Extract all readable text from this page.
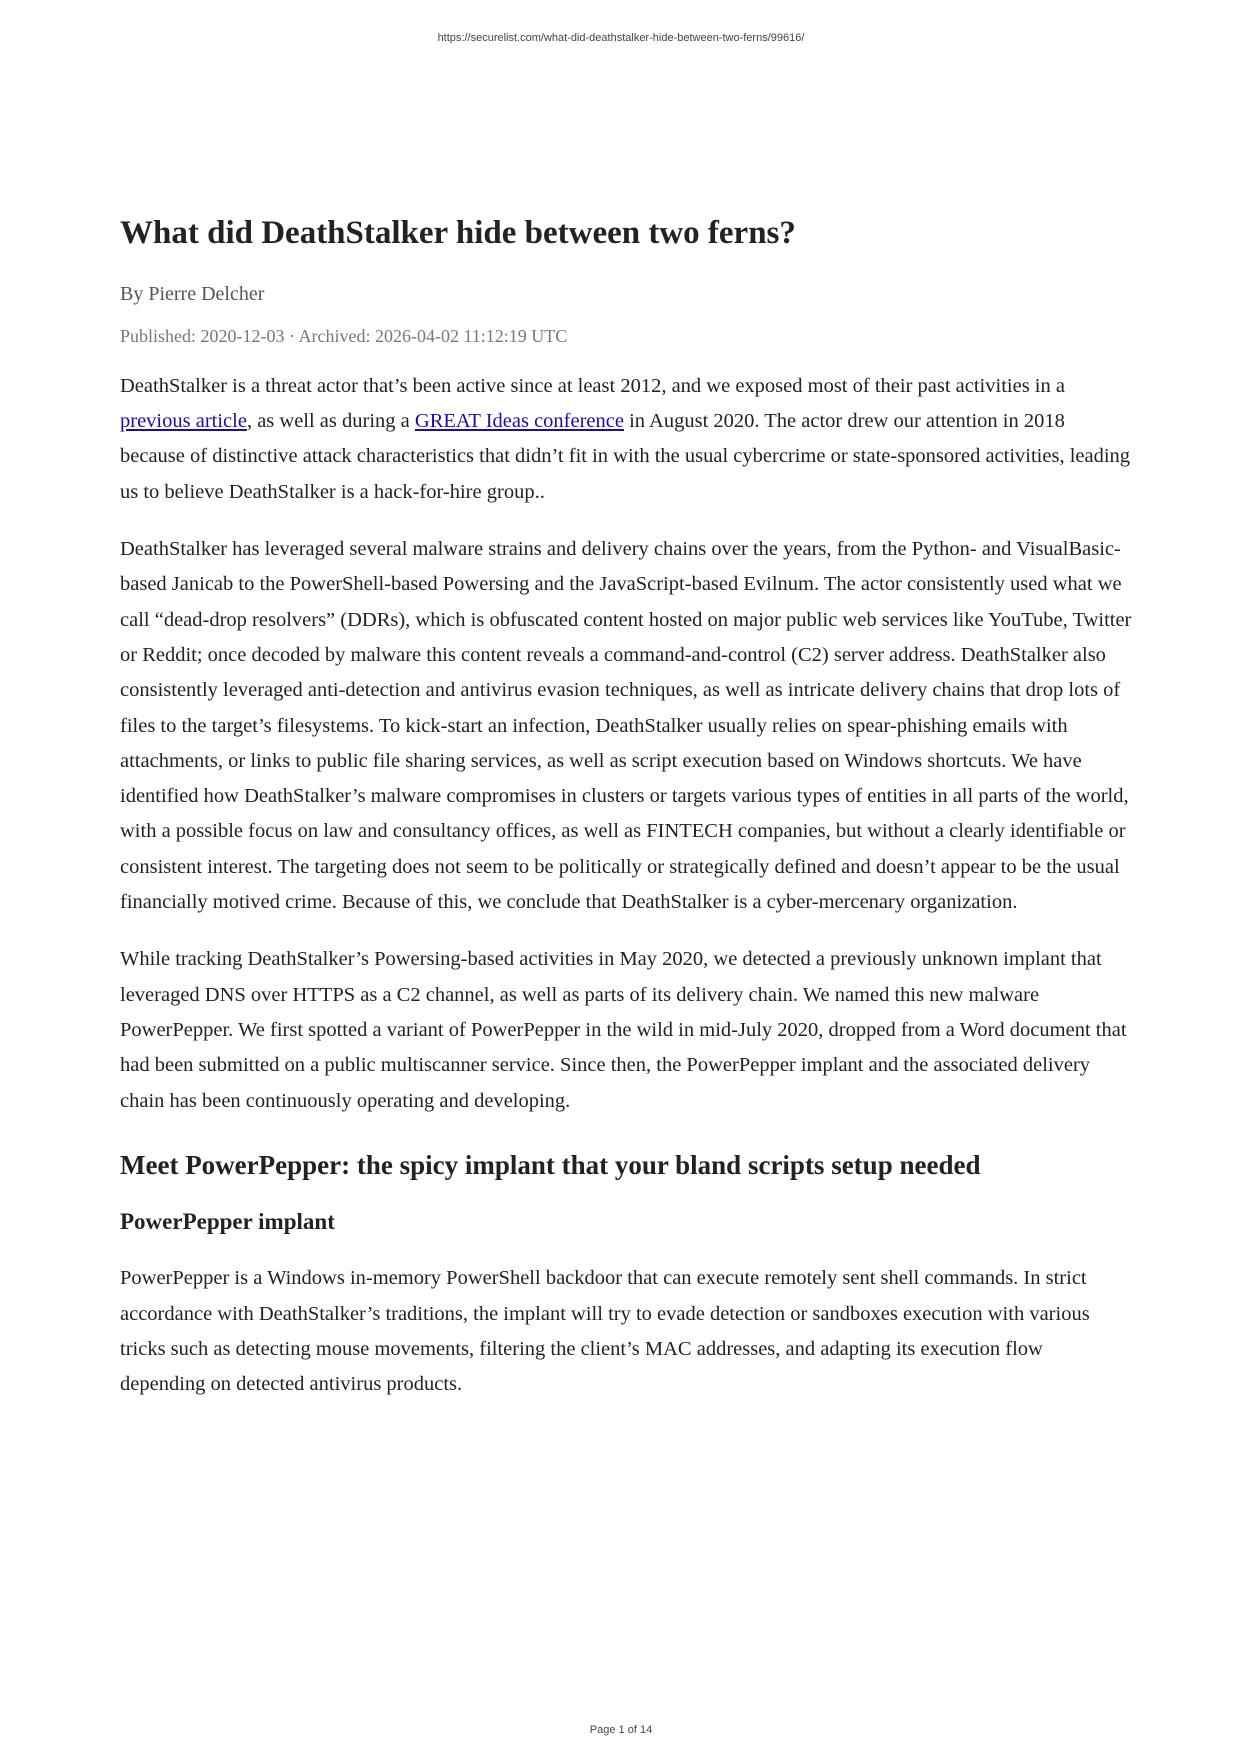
https://securelist.com/what-did-deathstalker-hide-between-two-ferns/99616/
What did DeathStalker hide between two ferns?
By Pierre Delcher
Published: 2020-12-03 · Archived: 2026-04-02 11:12:19 UTC

DeathStalker is a threat actor that’s been active since at least 2012, and we exposed most of their past activities in a previous article, as well as during a GREAT Ideas conference in August 2020. The actor drew our attention in 2018 because of distinctive attack characteristics that didn’t fit in with the usual cybercrime or state-sponsored activities, leading us to believe DeathStalker is a hack-for-hire group..

DeathStalker has leveraged several malware strains and delivery chains over the years, from the Python- and VisualBasic-based Janicab to the PowerShell-based Powersing and the JavaScript-based Evilnum. The actor consistently used what we call “dead-drop resolvers” (DDRs), which is obfuscated content hosted on major public web services like YouTube, Twitter or Reddit; once decoded by malware this content reveals a command-and-control (C2) server address. DeathStalker also consistently leveraged anti-detection and antivirus evasion techniques, as well as intricate delivery chains that drop lots of files to the target’s filesystems. To kick-start an infection, DeathStalker usually relies on spear-phishing emails with attachments, or links to public file sharing services, as well as script execution based on Windows shortcuts. We have identified how DeathStalker’s malware compromises in clusters or targets various types of entities in all parts of the world, with a possible focus on law and consultancy offices, as well as FINTECH companies, but without a clearly identifiable or consistent interest. The targeting does not seem to be politically or strategically defined and doesn’t appear to be the usual financially motived crime. Because of this, we conclude that DeathStalker is a cyber-mercenary organization.

While tracking DeathStalker’s Powersing-based activities in May 2020, we detected a previously unknown implant that leveraged DNS over HTTPS as a C2 channel, as well as parts of its delivery chain. We named this new malware PowerPepper. We first spotted a variant of PowerPepper in the wild in mid-July 2020, dropped from a Word document that had been submitted on a public multiscanner service. Since then, the PowerPepper implant and the associated delivery chain has been continuously operating and developing.

Meet PowerPepper: the spicy implant that your bland scripts setup needed
PowerPepper implant

PowerPepper is a Windows in-memory PowerShell backdoor that can execute remotely sent shell commands. In strict accordance with DeathStalker’s traditions, the implant will try to evade detection or sandboxes execution with various tricks such as detecting mouse movements, filtering the client’s MAC addresses, and adapting its execution flow depending on detected antivirus products.

Page 1 of 14
